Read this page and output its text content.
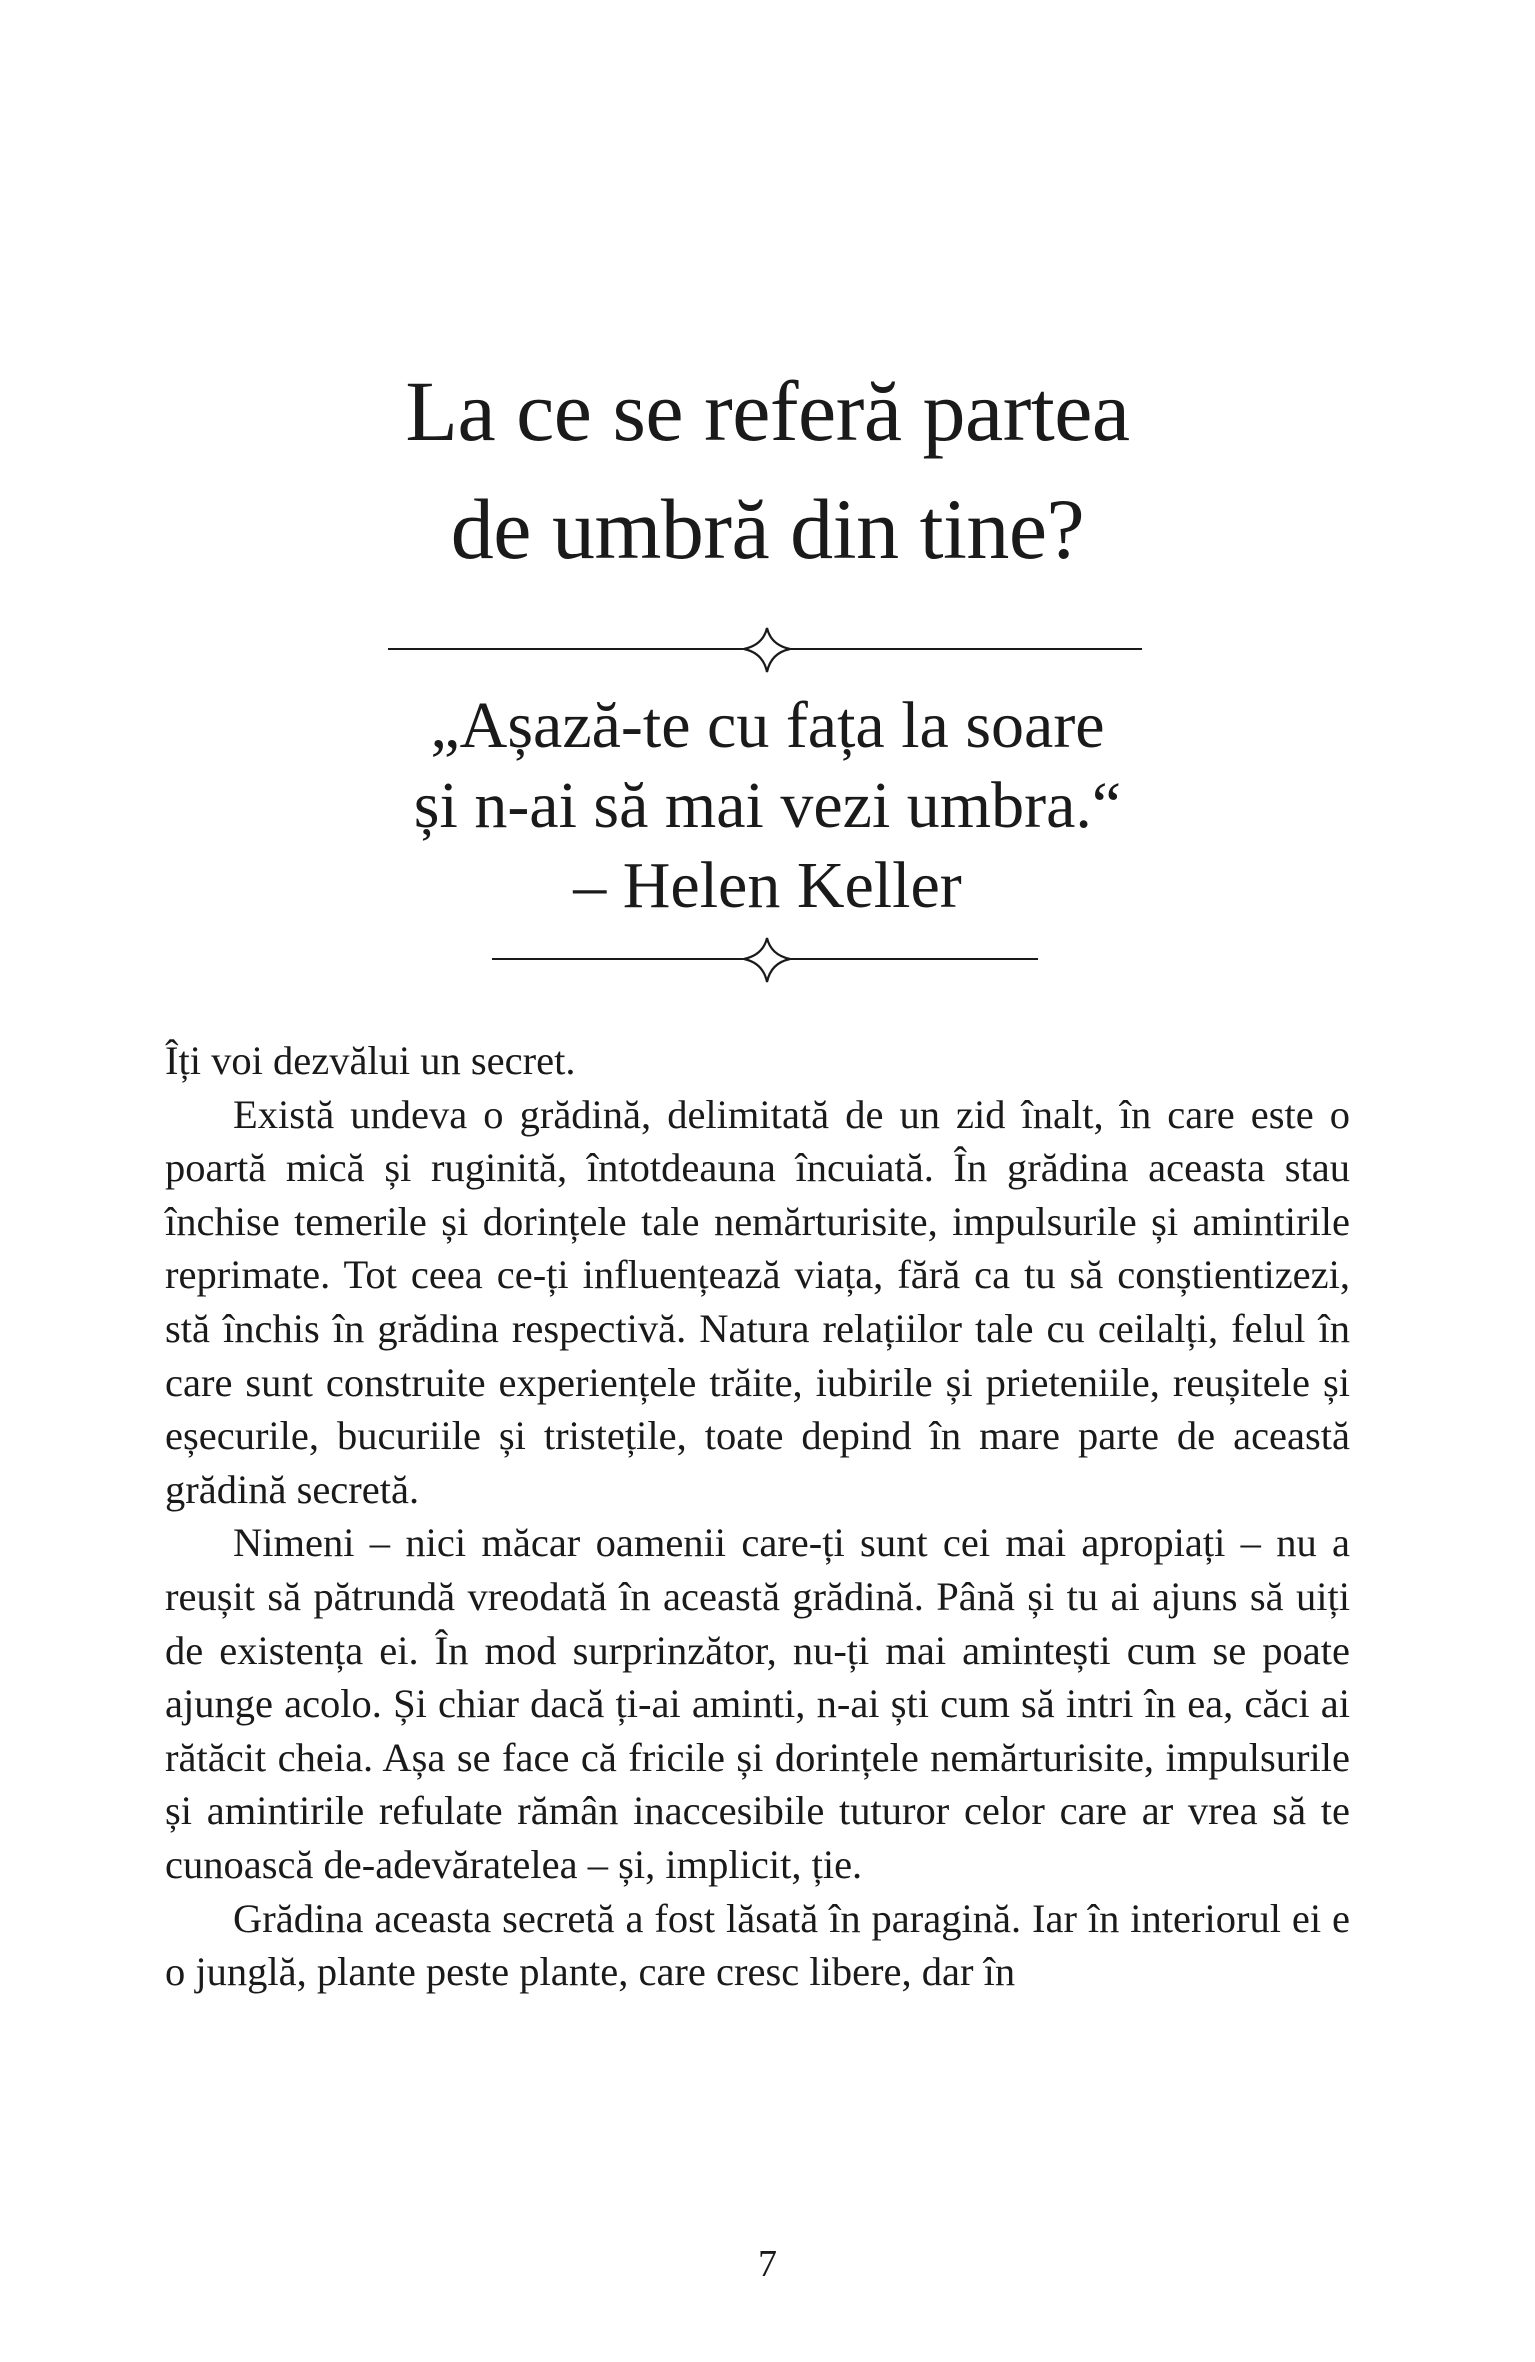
La ce se referă partea
de umbră din tine?
„Așază-te cu fața la soare
și n-ai să mai vezi umbra.“
– Helen Keller

Îți voi dezvălui un secret.

Există undeva o grădină, delimitată de un zid înalt, în care este o poartă mică și ruginită, întotdeauna încuiată. În grădina aceasta stau închise temerile și dorințele tale nemărturisite, impulsurile și amintirile reprimate. Tot ceea ce-ți influențează viața, fără ca tu să conștientizezi, stă închis în grădina respectivă. Natura relațiilor tale cu ceilalți, felul în care sunt construite experiențele trăite, iubirile și prieteniile, reușitele și eșecurile, bucuriile și tristețile, toate depind în mare parte de această grădină secretă.

Nimeni – nici măcar oamenii care-ți sunt cei mai apropiați – nu a reușit să pătrundă vreodată în această grădină. Până și tu ai ajuns să uiți de existența ei. În mod surprinzător, nu-ți mai amintești cum se poate ajunge acolo. Și chiar dacă ți-ai aminti, n-ai ști cum să intri în ea, căci ai rătăcit cheia. Așa se face că fricile și dorințele nemărturisite, impulsurile și amintirile refulate rămân inaccesibile tuturor celor care ar vrea să te cunoască de-adevăratelea – și, implicit, ție.

Grădina aceasta secretă a fost lăsată în paragină. Iar în interiorul ei e o junglă, plante peste plante, care cresc libere, dar în

7
